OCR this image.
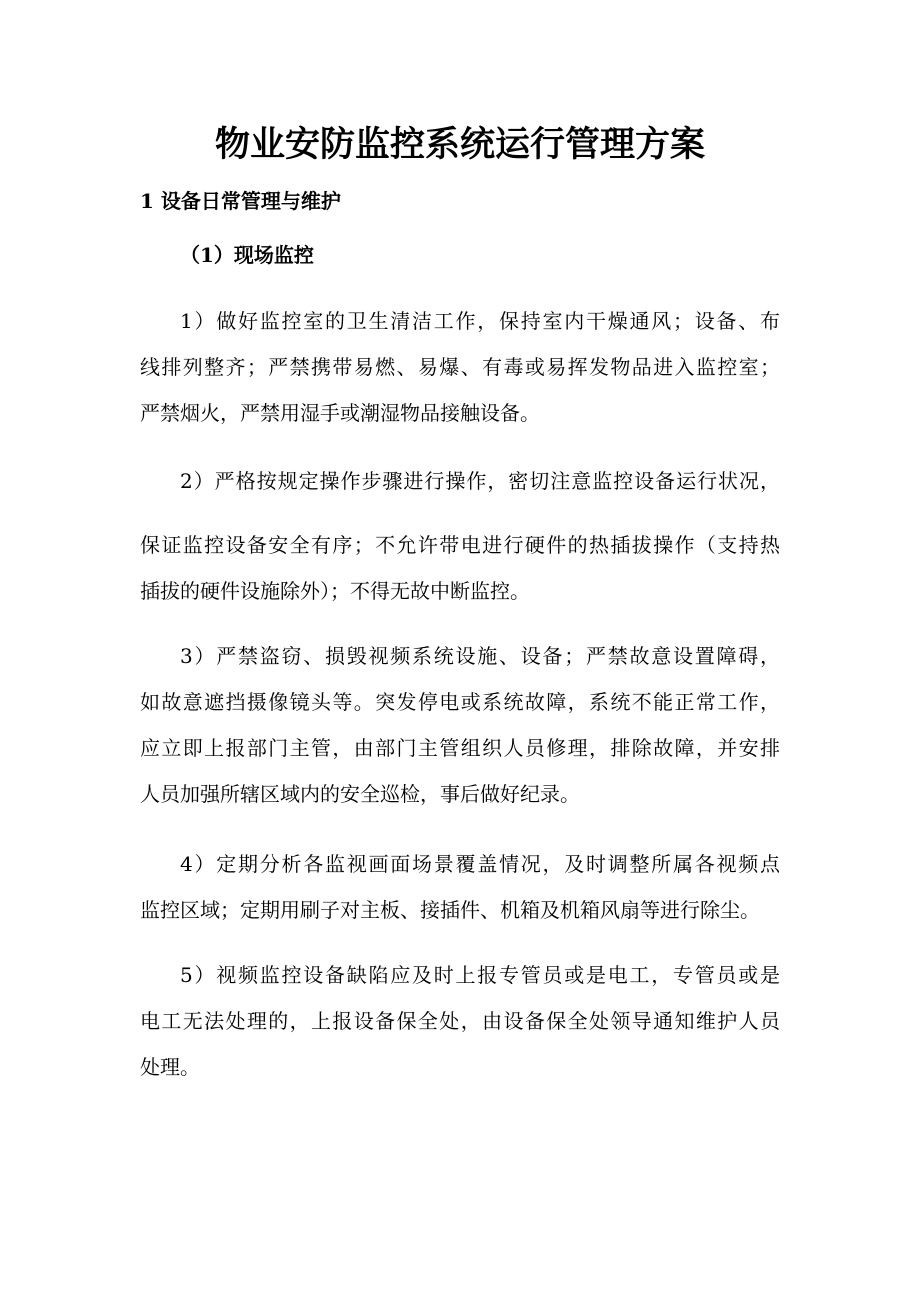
物业安防监控系统运行管理方案
1 设备日常管理与维护
（1）现场监控

1）做好监控室的卫生清洁工作，保持室内干燥通风；设备、布
线排列整齐；严禁携带易燃、易爆、有毒或易挥发物品进入监控室；
严禁烟火，严禁用湿手或潮湿物品接触设备。

2）严格按规定操作步骤进行操作，密切注意监控设备运行状况，
保证监控设备安全有序；不允许带电进行硬件的热插拔操作（支持热
插拔的硬件设施除外）；不得无故中断监控。

3）严禁盗窃、损毁视频系统设施、设备；严禁故意设置障碍，
如故意遮挡摄像镜头等。突发停电或系统故障，系统不能正常工作，
应立即上报部门主管，由部门主管组织人员修理，排除故障，并安排
人员加强所辖区域内的安全巡检，事后做好纪录。

4）定期分析各监视画面场景覆盖情况，及时调整所属各视频点
监控区域；定期用刷子对主板、接插件、机箱及机箱风扇等进行除尘。

5）视频监控设备缺陷应及时上报专管员或是电工，专管员或是
电工无法处理的，上报设备保全处，由设备保全处领导通知维护人员
处理。
